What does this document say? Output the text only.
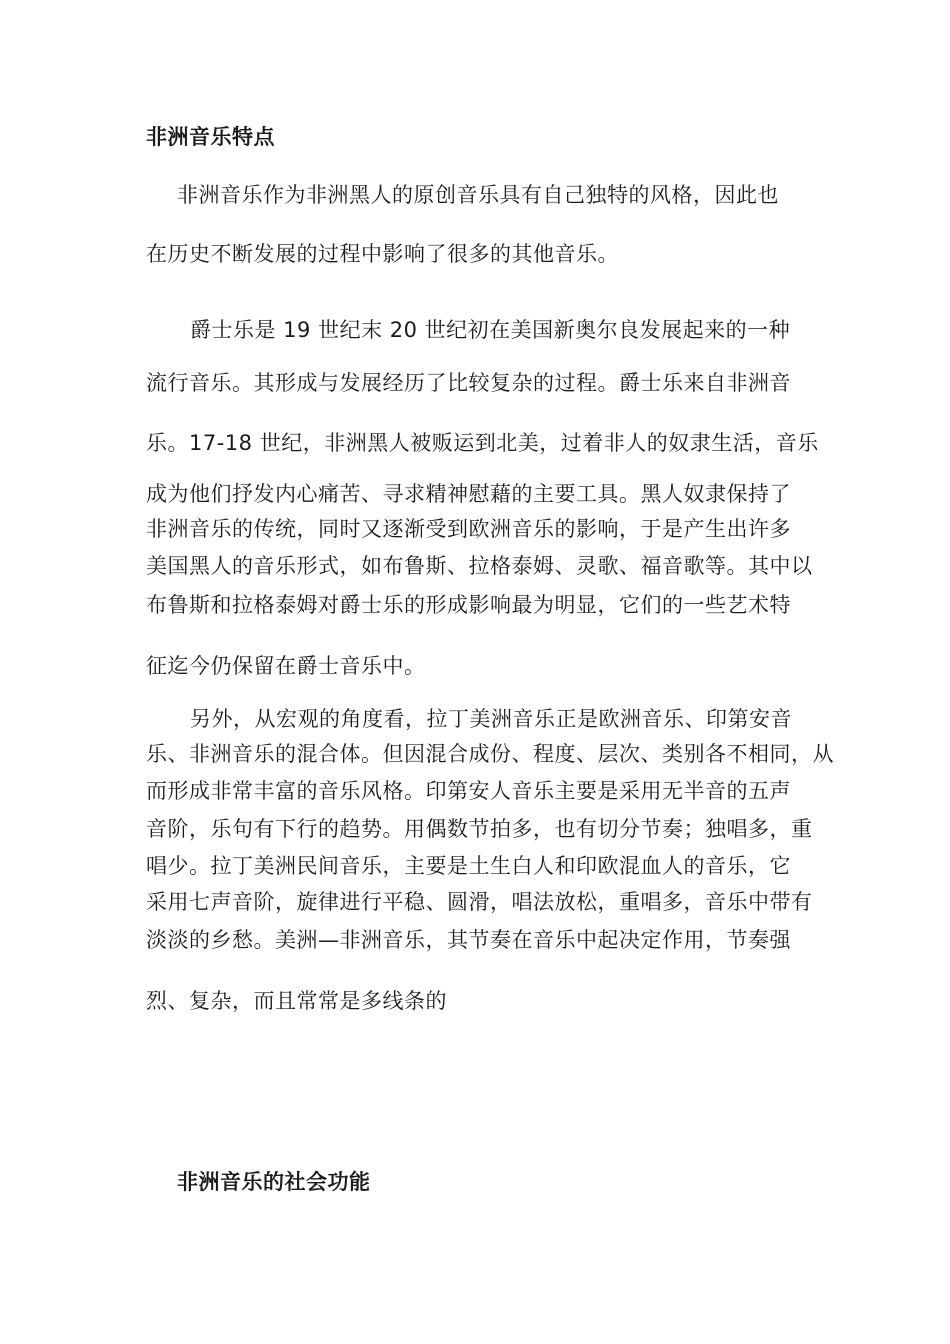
非洲音乐特点
非洲音乐作为非洲黑人的原创音乐具有自己独特的风格，因此也
在历史不断发展的过程中影响了很多的其他音乐。
爵士乐是 19 世纪末 20 世纪初在美国新奥尔良发展起来的一种
流行音乐。其形成与发展经历了比较复杂的过程。爵士乐来自非洲音
乐。17-18 世纪，非洲黑人被贩运到北美，过着非人的奴隶生活，音乐
成为他们抒发内心痛苦、寻求精神慰藉的主要工具。黑人奴隶保持了
非洲音乐的传统，同时又逐渐受到欧洲音乐的影响，于是产生出许多
美国黑人的音乐形式，如布鲁斯、拉格泰姆、灵歌、福音歌等。其中以
布鲁斯和拉格泰姆对爵士乐的形成影响最为明显，它们的一些艺术特
征迄今仍保留在爵士音乐中。
另外，从宏观的角度看，拉丁美洲音乐正是欧洲音乐、印第安音
乐、非洲音乐的混合体。但因混合成份、程度、层次、类别各不相同，从
而形成非常丰富的音乐风格。印第安人音乐主要是采用无半音的五声
音阶，乐句有下行的趋势。用偶数节拍多，也有切分节奏；独唱多，重
唱少。拉丁美洲民间音乐，主要是土生白人和印欧混血人的音乐，它
采用七声音阶，旋律进行平稳、圆滑，唱法放松，重唱多，音乐中带有
淡淡的乡愁。美洲—非洲音乐，其节奏在音乐中起决定作用，节奏强
烈、复杂，而且常常是多线条的
非洲音乐的社会功能
